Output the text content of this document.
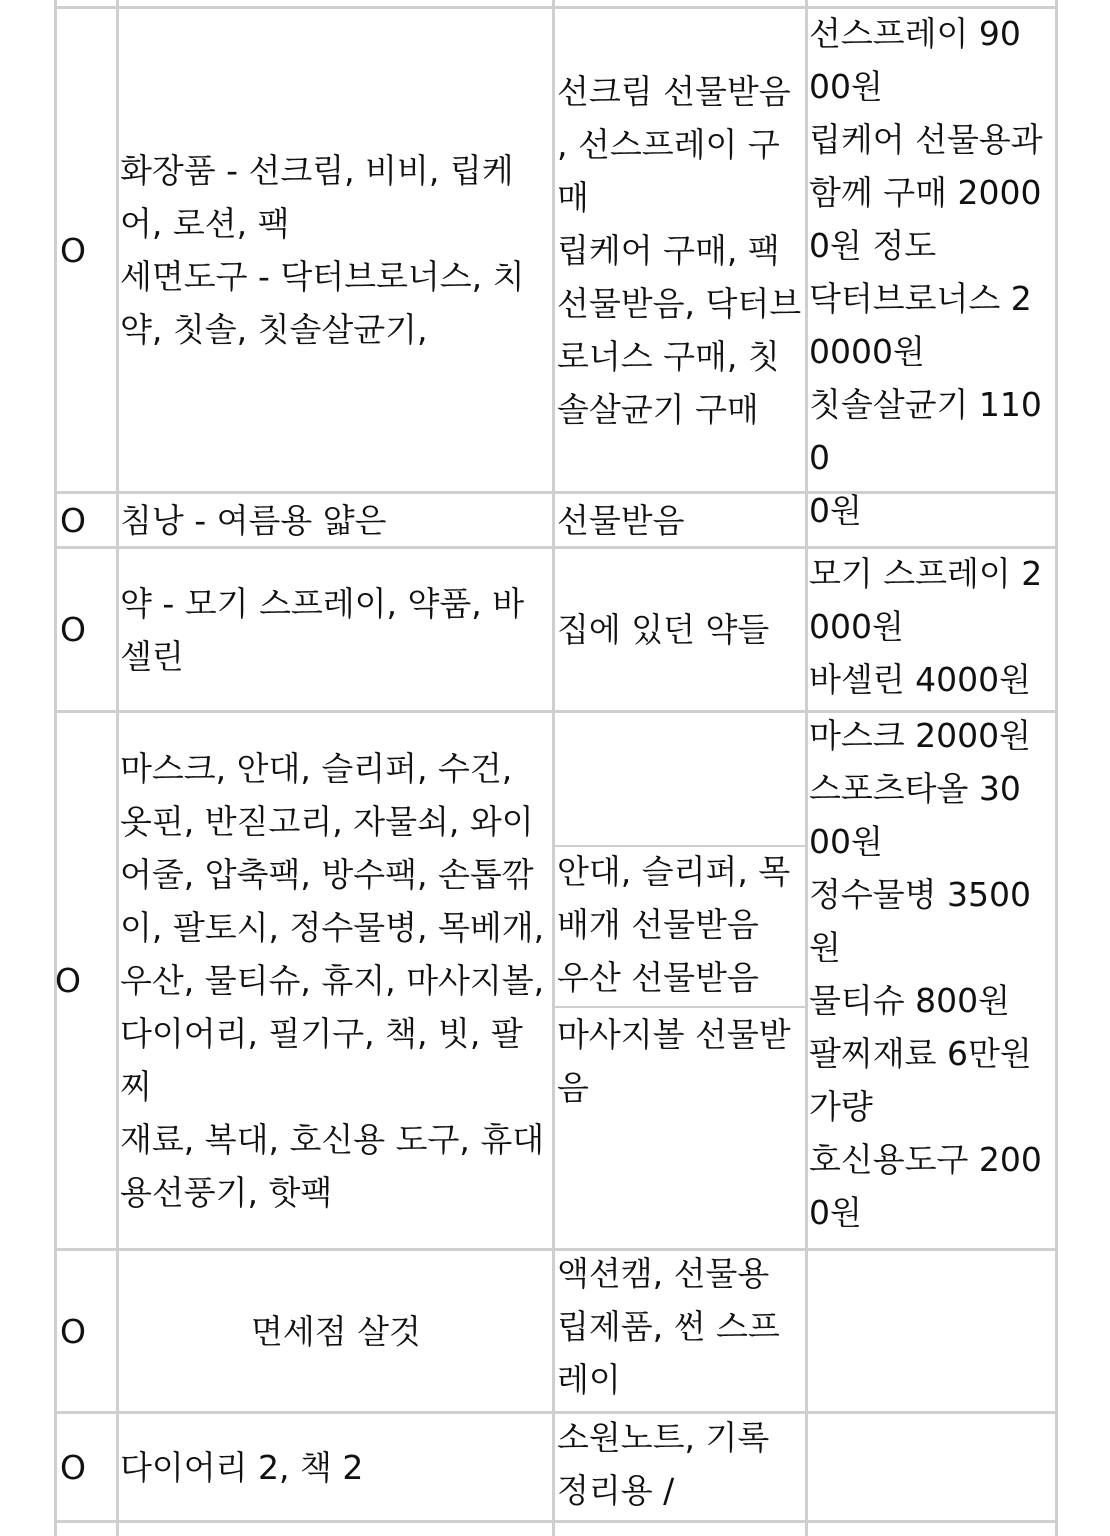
O
화장품 - 선크림, 비비, 립케
어, 로션, 팩
세면도구 - 닥터브로너스, 치
약, 칫솔, 칫솔살균기,
선크림 선물받음
, 선스프레이 구
매
립케어 구매, 팩
선물받음, 닥터브
로너스 구매, 칫
솔살균기 구매
선스프레이 90
00원
립케어 선물용과
함께 구매 2000
0원 정도
닥터브로너스 2
0000원
칫솔살균기 1100
0원
O 침낭 - 여름용 얇은	선물받음
O
약 - 모기 스프레이, 약품, 바
셀린
집에 있던 약들
모기 스프레이 2
000원
바셀린 4000원
O
마스크, 안대, 슬리퍼, 수건,
옷핀, 반짇고리, 자물쇠, 와이
어줄, 압축팩, 방수팩, 손톱깎
이, 팔토시, 정수물병, 목베개,
우산, 물티슈, 휴지, 마사지볼,
다이어리, 필기구, 책, 빗, 팔찌
재료, 복대, 호신용 도구, 휴대
용선풍기, 핫팩
안대, 슬리퍼, 목
배개 선물받음
우산 선물받음
마사지볼 선물받
음
마스크 2000원
스포츠타올 30
00원
정수물병 3500
원
물티슈 800원
팔찌재료 6만원
가량
호신용도구 200
0원
O	면세점 살것
액션캠, 선물용
립제품, 썬 스프
레이
O 다이어리 2, 책 2
소원노트, 기록
정리용 /
